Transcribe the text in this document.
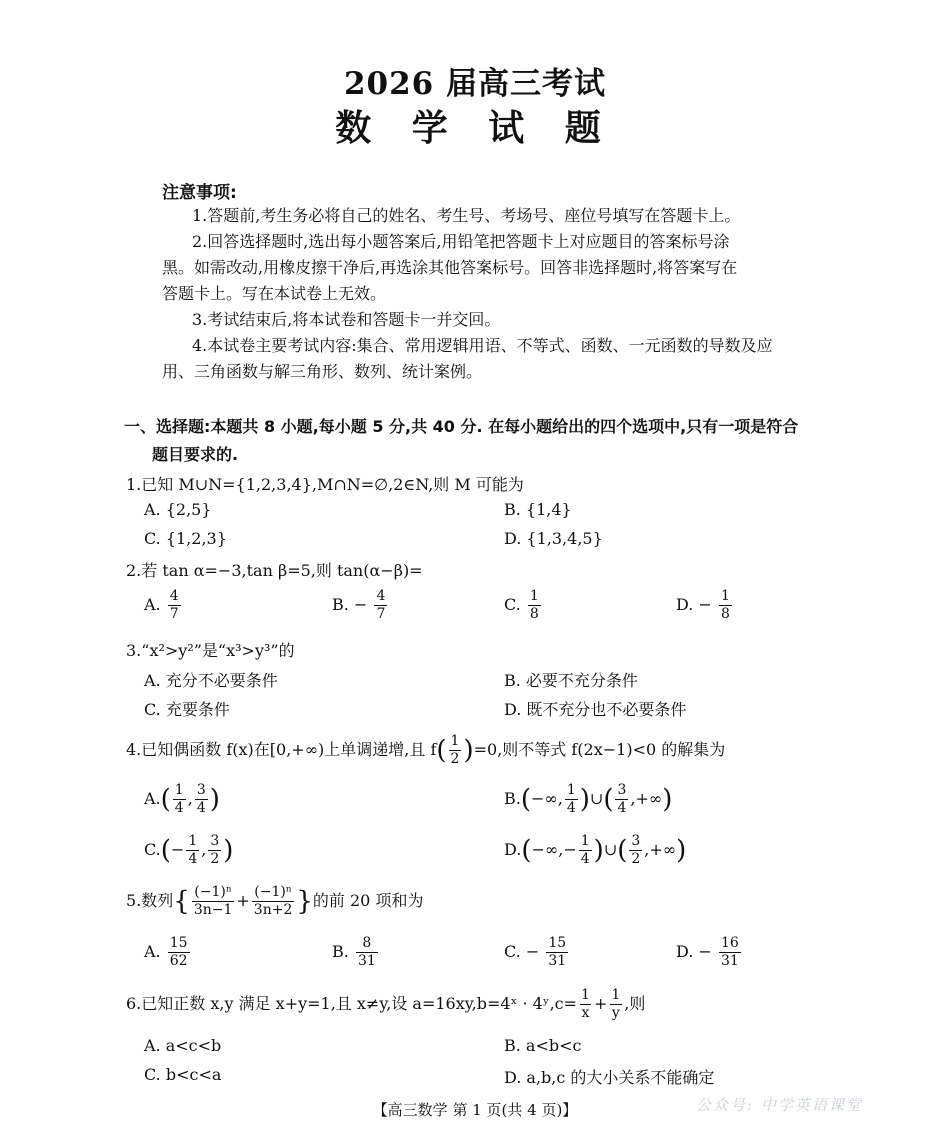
2026 届高三考试
数 学 试 题
注意事项:
1.答题前,考生务必将自己的姓名、考生号、考场号、座位号填写在答题卡上。
2.回答选择题时,选出每小题答案后,用铅笔把答题卡上对应题目的答案标号涂
黑。如需改动,用橡皮擦干净后,再选涂其他答案标号。回答非选择题时,将答案写在
答题卡上。写在本试卷上无效。
3.考试结束后,将本试卷和答题卡一并交回。
4.本试卷主要考试内容:集合、常用逻辑用语、不等式、函数、一元函数的导数及应
用、三角函数与解三角形、数列、统计案例。
一、选择题:本题共 8 小题,每小题 5 分,共 40 分. 在每小题给出的四个选项中,只有一项是符合
题目要求的.
1.已知 M∪N={1,2,3,4},M∩N=∅,2∈N,则 M 可能为
A. {2,5}	B. {1,4}
C. {1,2,3}	D. {1,3,4,5}
2.若 tan α=−3,tan β=5,则 tan(α−β)=
A. $\frac{4}{7}$	B. − $\frac{4}{7}$	C. $\frac{1}{8}$	D. − $\frac{1}{8}$
3.“x²>y²”是“x³>y³”的
A. 充分不必要条件	B. 必要不充分条件
C. 充要条件	D. 既不充分也不必要条件
4.已知偶函数 f(x)在[0,+∞)上单调递增,且 $f( \frac{1}{2} )=0$,则不等式 f(2x−1)<0 的解集为
$A.( \frac{1}{4}$ , $\frac{3}{4}$ )	B.(−∞, $\frac{1}{4}$ )∪( $\frac{3}{4}$ ,+∞)
$C.(- \frac{1}{4}$ , $\frac{3}{2}$ )	$D.(-\infty,- \frac{1}{4}$ )∪( $\frac{3}{2}$ ,+∞)
5.数列{ $\frac{\text{(−1)ⁿ}}{3n-1} + \frac{\text{(−1)ⁿ}}{3n+2}$ }的前 20 项和为
A. $\frac{15}{62}$	B. $\frac{8}{31}$	C. − $\frac{15}{31}$	D. − $\frac{16}{31}$
6.已知正数 x,y 满足 x+y=1,且 x≠y,设 a=16xy,b=4ˣ · 4ʸ,c= $\frac{1}{x} + \frac{1}{y}$ ,则
A. a<c<b	B. a<b<c
C. b<c<a	D. a,b,c 的大小关系不能确定
【高三数学 第 1 页(共 4 页)】	公众号: 中学英语课堂
